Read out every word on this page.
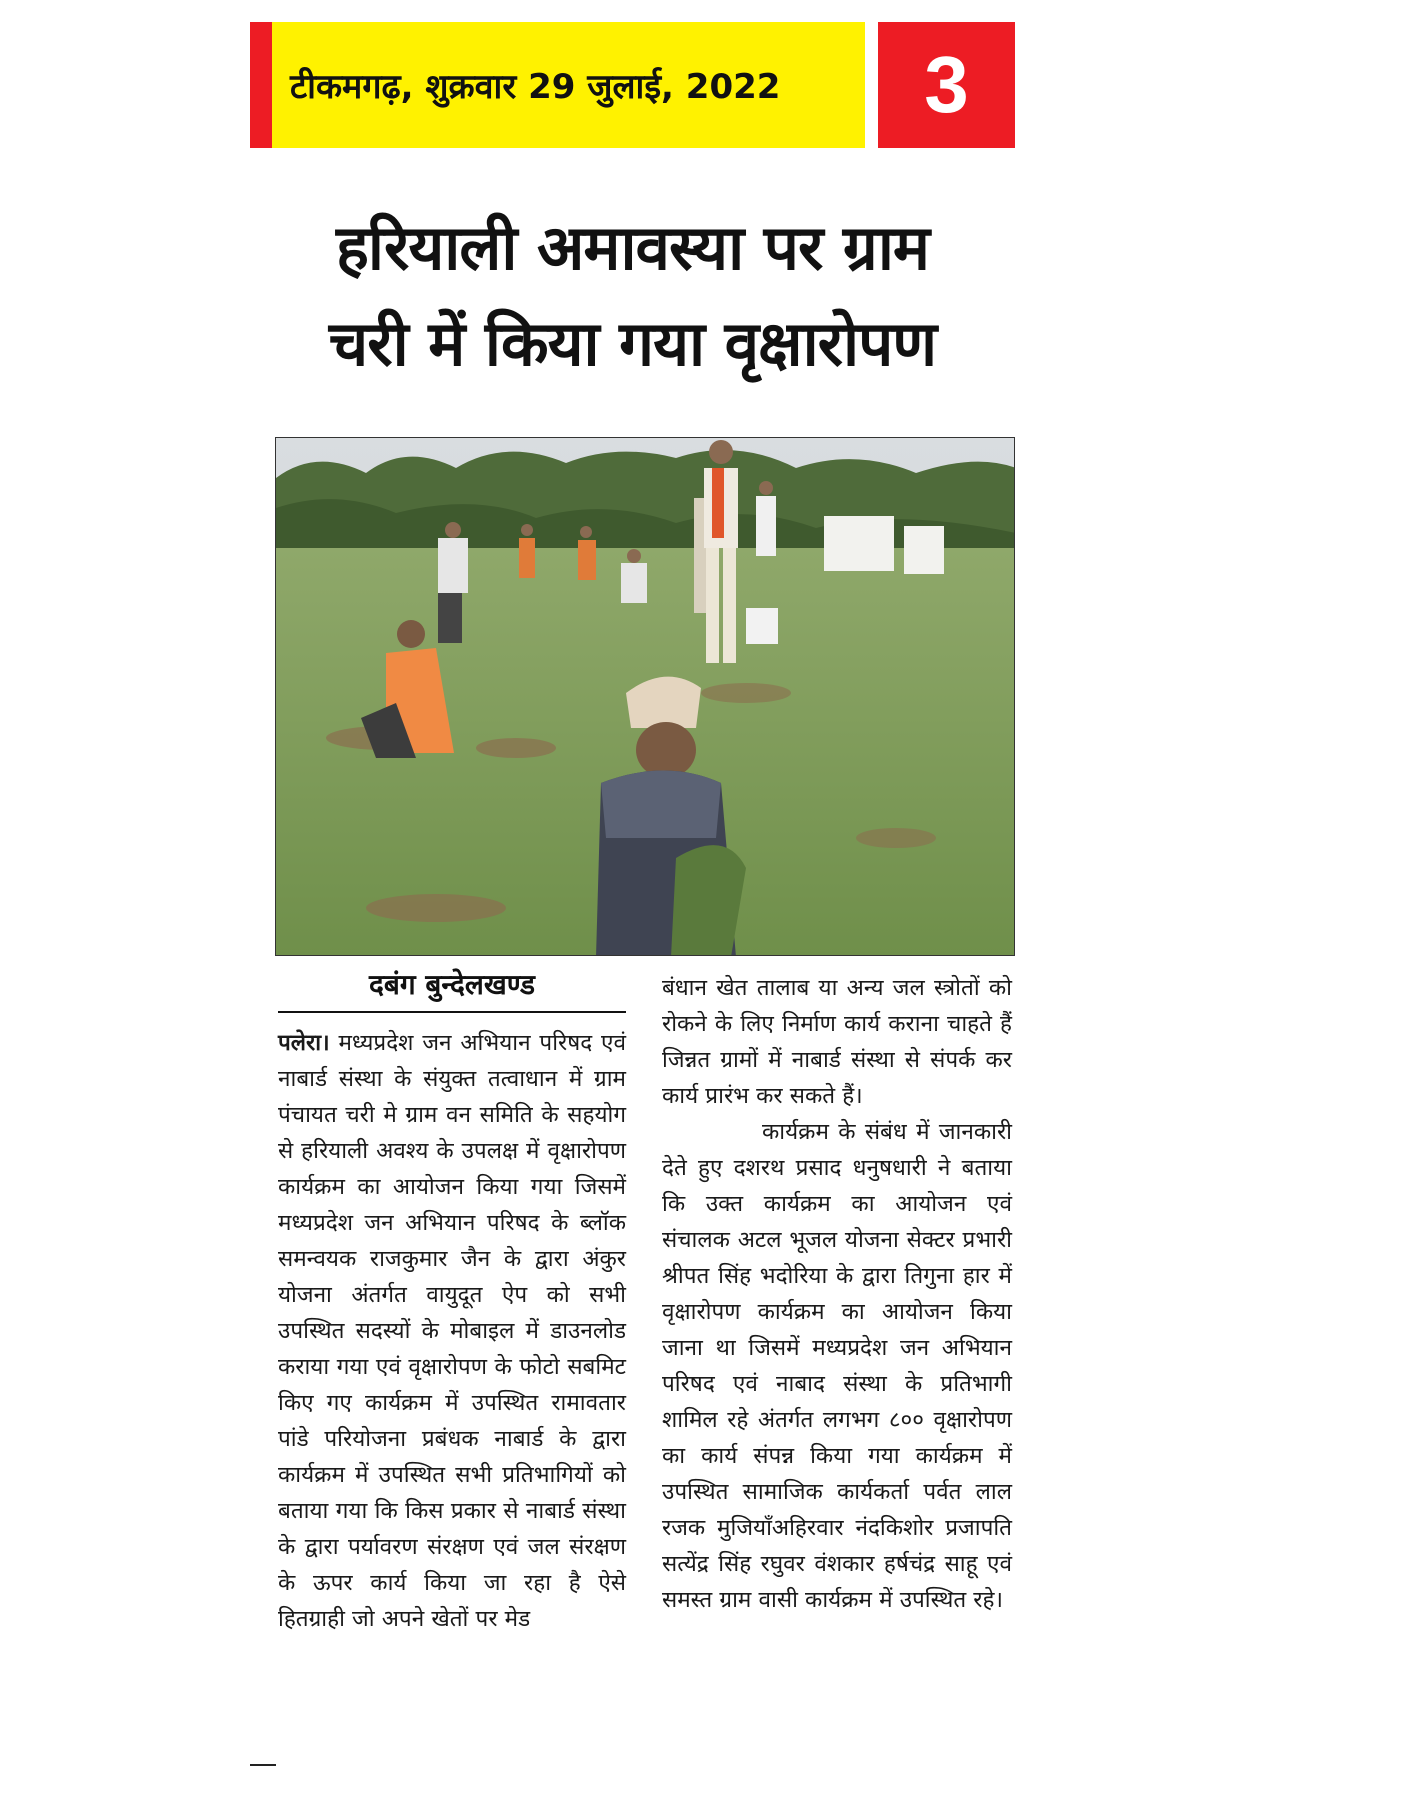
टीकमगढ़, शुक्रवार 29 जुलाई, 2022	3
हरियाली अमावस्या पर ग्राम
चरी में किया गया वृक्षारोपण
दबंग बुन्देलखण्ड
पलेरा। मध्यप्रदेश जन अभियान परिषद एवं नाबार्ड संस्था के संयुक्त तत्वाधान में ग्राम पंचायत चरी मे ग्राम वन समिति के सहयोग से हरियाली अवश्य के उपलक्ष में वृक्षारोपण कार्यक्रम का आयोजन किया गया जिसमें मध्यप्रदेश जन अभियान परिषद के ब्लॉक समन्वयक राजकुमार जैन के द्वारा अंकुर योजना अंतर्गत वायुदूत ऐप को सभी उपस्थित सदस्यों के मोबाइल में डाउनलोड कराया गया एवं वृक्षारोपण के फोटो सबमिट किए गए कार्यक्रम में उपस्थित रामावतार पांडे परियोजना प्रबंधक नाबार्ड के द्वारा कार्यक्रम में उपस्थित सभी प्रतिभागियों को बताया गया कि किस प्रकार से नाबार्ड संस्था के द्वारा पर्यावरण संरक्षण एवं जल संरक्षण के ऊपर कार्य किया जा रहा है ऐसे हितग्राही जो अपने खेतों पर मेड
बंधान खेत तालाब या अन्य जल स्त्रोतों को रोकने के लिए निर्माण कार्य कराना चाहते हैं जिन्नत ग्रामों में नाबार्ड संस्था से संपर्क कर कार्य प्रारंभ कर सकते हैं।
कार्यक्रम के संबंध में जानकारी देते हुए दशरथ प्रसाद धनुषधारी ने बताया कि उक्त कार्यक्रम का आयोजन एवं संचालक अटल भूजल योजना सेक्टर प्रभारी श्रीपत सिंह भदोरिया के द्वारा तिगुना हार में वृक्षारोपण कार्यक्रम का आयोजन किया जाना था जिसमें मध्यप्रदेश जन अभियान परिषद एवं नाबाद संस्था के प्रतिभागी शामिल रहे अंतर्गत लगभग ८०० वृक्षारोपण का कार्य संपन्न किया गया कार्यक्रम में उपस्थित सामाजिक कार्यकर्ता पर्वत लाल रजक मुजियाँअहिरवार नंदकिशोर प्रजापति सत्येंद्र सिंह रघुवर वंशकार हर्षचंद्र साहू एवं समस्त ग्राम वासी कार्यक्रम में उपस्थित रहे।
